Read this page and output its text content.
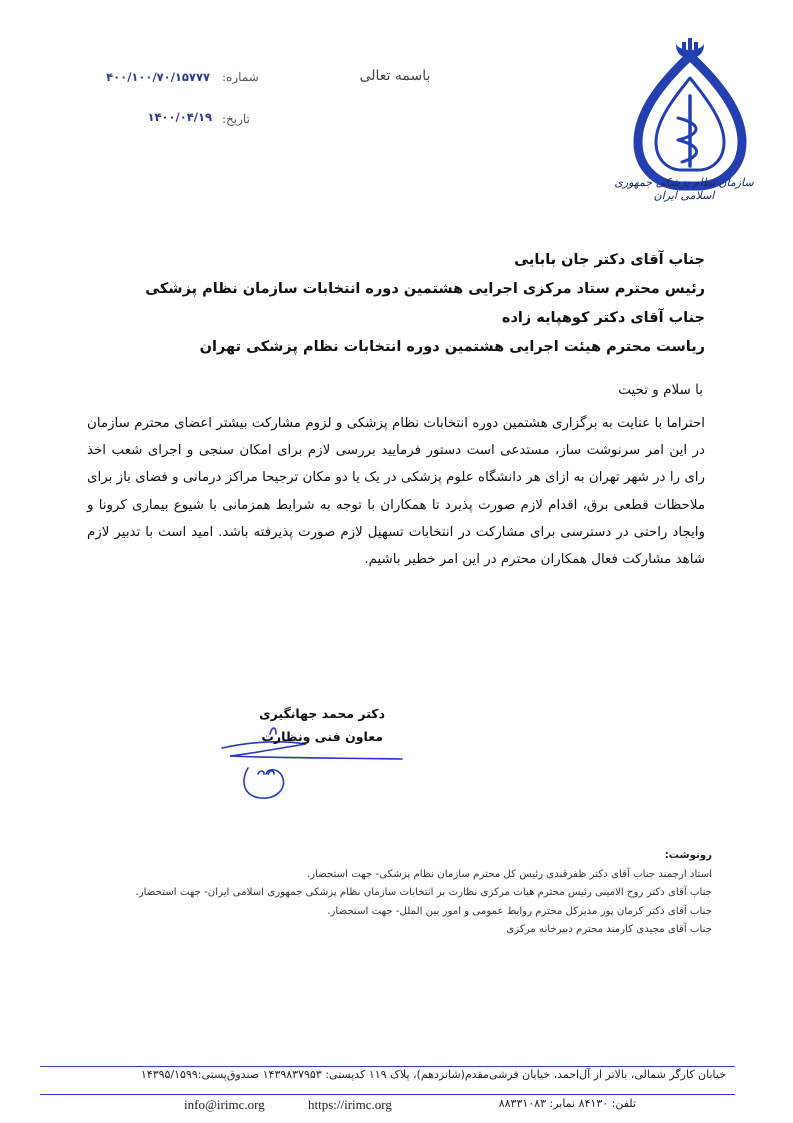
سازمان نظام پزشکی جمهوری اسلامی ایران
باسمه تعالی
شماره:
۴۰۰/۱۰۰/۷۰/۱۵۷۷۷
تاریخ:
۱۴۰۰/۰۴/۱۹
جناب آقای دکتر جان بابایی
رئیس محترم ستاد مرکزی اجرایی هشتمین دوره انتخابات سازمان نظام پزشکی
جناب آقای دکتر کوهپایه زاده
ریاست محترم هیئت اجرایی هشتمین دوره انتخابات نظام پزشکی تهران
با سلام و تحیت
احتراما با عنایت به برگزاری هشتمین دوره انتخابات نظام پزشکی و لزوم مشارکت بیشتر اعضای محترم سازمان در این امر سرنوشت ساز، مستدعی است دستور فرمایید بررسی لازم برای امکان سنجی و اجرای شعب اخذ رای را در شهر تهران به ازای هر دانشگاه علوم پزشکی در یک یا دو مکان ترجیحا مراکز درمانی و فضای باز برای ملاحظات قطعی برق، اقدام لازم صورت پذیرد تا همکاران با توجه به شرایط همزمانی با شیوع بیماری کرونا و وایجاد راحتی در دسترسی برای مشارکت در انتخابات تسهیل لازم صورت پذیرفته باشد. امید است با تدبیر لازم شاهد مشارکت فعال همکاران محترم در این امر خطیر باشیم.
دکتر محمد جهانگیری
معاون فنی ونظارت
رونوشت:
استاد ارجمند جناب آقای دکتر ظفرقندی رئیس کل محترم سازمان نظام پزشکی- جهت استحضار.
جناب آقای دکتر روح الامینی رئیس محترم هیات مرکزی نظارت بر انتخابات سازمان نظام پزشکی جمهوری اسلامی ایران- جهت استحضار.
جناب آقای دکتر کرمان پور مدیرکل محترم روابط عمومی و امور بین الملل- جهت استحضار.
جناب آقای مجیدی کارمند محترم دبیرخانه مرکزی
خیابان کارگر شمالی، بالاتر از آل‌احمد، خیابان فرشی‌مقدم(شانزدهم)، پلاک ۱۱۹ کدپستی: ۱۴۳۹۸۳۷۹۵۳ صندوق‌پستی:۱۴۳۹۵/۱۵۹۹
تلفن: ۸۴۱۳۰ نمابر: ۸۸۳۳۱۰۸۳
https://irimc.org
info@irimc.org
